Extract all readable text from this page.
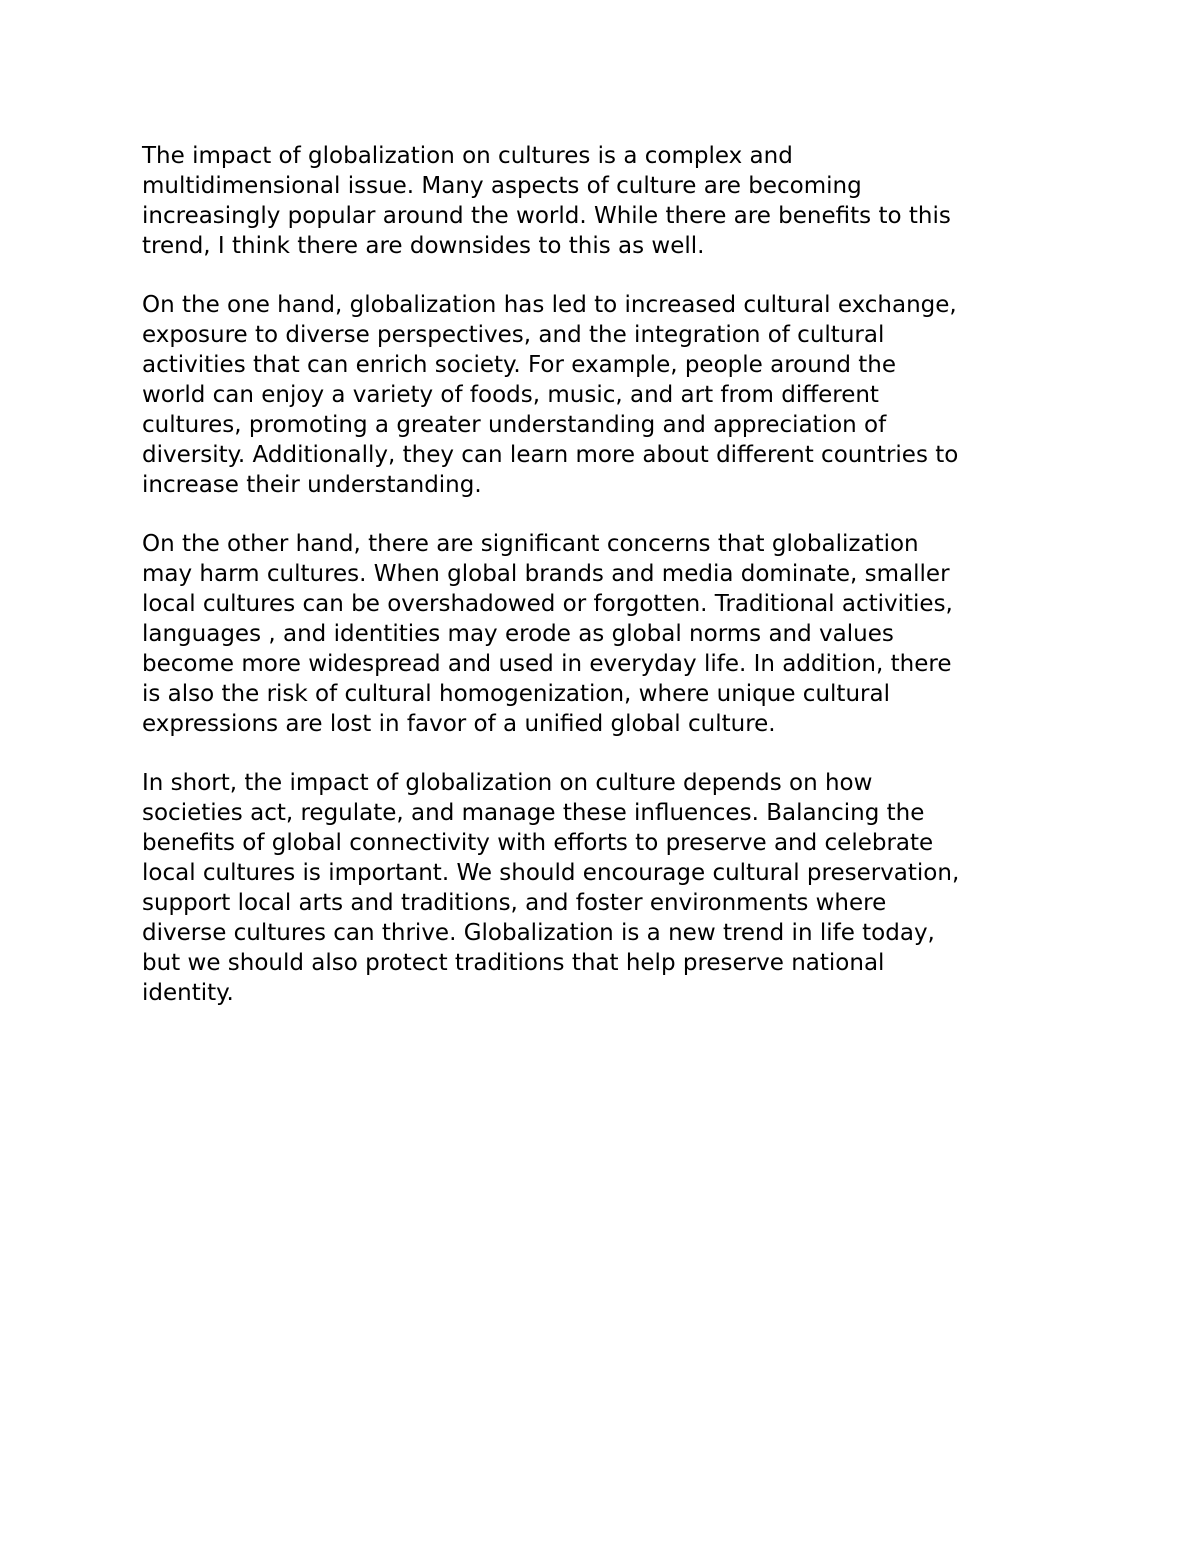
The impact of globalization on cultures is a complex and
multidimensional issue. Many aspects of culture are becoming
increasingly popular around the world. While there are benefits to this
trend, I think there are downsides to this as well.
On the one hand, globalization has led to increased cultural exchange,
exposure to diverse perspectives, and the integration of cultural
activities that can enrich society. For example, people around the
world can enjoy a variety of foods, music, and art from different
cultures, promoting a greater understanding and appreciation of
diversity. Additionally, they can learn more about different countries to
increase their understanding.
On the other hand, there are significant concerns that globalization
may harm cultures. When global brands and media dominate, smaller
local cultures can be overshadowed or forgotten. Traditional activities,
languages , and identities may erode as global norms and values
become more widespread and used in everyday life. In addition, there
is also the risk of cultural homogenization, where unique cultural
expressions are lost in favor of a unified global culture.
In short, the impact of globalization on culture depends on how
societies act, regulate, and manage these influences. Balancing the
benefits of global connectivity with efforts to preserve and celebrate
local cultures is important. We should encourage cultural preservation,
support local arts and traditions, and foster environments where
diverse cultures can thrive. Globalization is a new trend in life today,
but we should also protect traditions that help preserve national
identity.
